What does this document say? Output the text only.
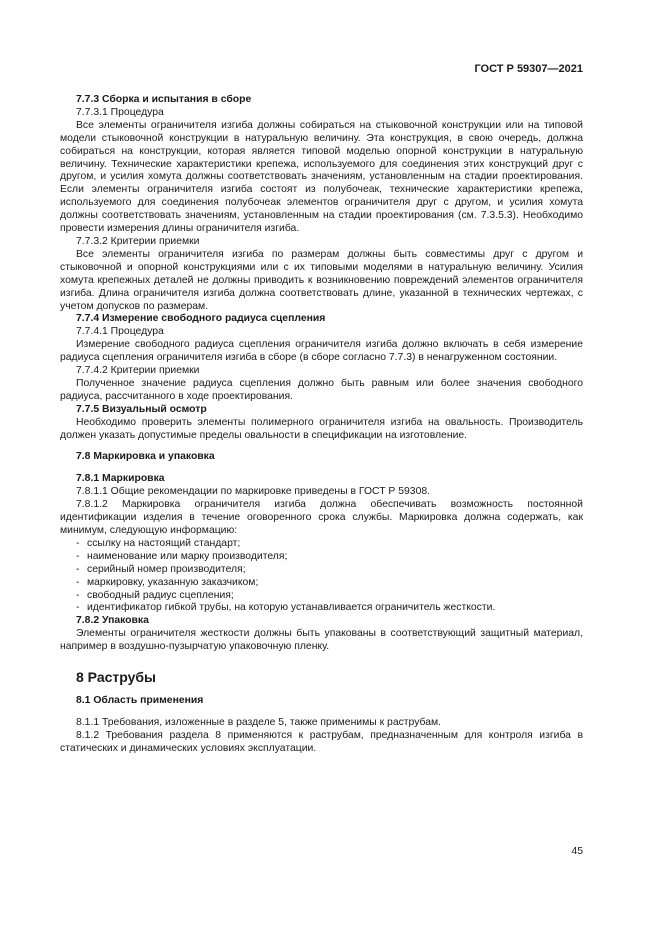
ГОСТ Р 59307—2021

7.7.3 Сборка и испытания в сборе

7.7.3.1 Процедура

Все элементы ограничителя изгиба должны собираться на стыковочной конструкции или на типовой модели стыковочной конструкции в натуральную величину. Эта конструкция, в свою очередь, должна собираться на конструкции, которая является типовой моделью опорной конструкции в натуральную величину. Технические характеристики крепежа, используемого для соединения этих конструкций друг с другом, и усилия хомута должны соответствовать значениям, установленным на стадии проектирования. Если элементы ограничителя изгиба состоят из полубочеак, технические характеристики крепежа, используемого для соединения полубочеак элементов ограничителя друг с другом, и усилия хомута должны соответствовать значениям, установленным на стадии проектирования (см. 7.3.5.3). Необходимо провести измерения длины ограничителя изгиба.

7.7.3.2 Критерии приемки

Все элементы ограничителя изгиба по размерам должны быть совместимы друг с другом и стыковочной и опорной конструкциями или с их типовыми моделями в натуральную величину. Усилия хомута крепежных деталей не должны приводить к возникновению повреждений элементов ограничителя изгиба. Длина ограничителя изгиба должна соответствовать длине, указанной в технических чертежах, с учетом допусков по размерам.

7.7.4 Измерение свободного радиуса сцепления

7.7.4.1 Процедура

Измерение свободного радиуса сцепления ограничителя изгиба должно включать в себя измерение радиуса сцепления ограничителя изгиба в сборе (в сборе согласно 7.7.3) в ненагруженном состоянии.

7.7.4.2 Критерии приемки

Полученное значение радиуса сцепления должно быть равным или более значения свободного радиуса, рассчитанного в ходе проектирования.

7.7.5 Визуальный осмотр

Необходимо проверить элементы полимерного ограничителя изгиба на овальность. Производитель должен указать допустимые пределы овальности в спецификации на изготовление.

7.8 Маркировка и упаковка

7.8.1 Маркировка

7.8.1.1 Общие рекомендации по маркировке приведены в ГОСТ Р 59308.

7.8.1.2 Маркировка ограничителя изгиба должна обеспечивать возможность постоянной идентификации изделия в течение оговоренного срока службы. Маркировка должна содержать, как минимум, следующую информацию:

- ссылку на настоящий стандарт;
- наименование или марку производителя;
- серийный номер производителя;
- маркировку, указанную заказчиком;
- свободный радиус сцепления;
- идентификатор гибкой трубы, на которую устанавливается ограничитель жесткости.

7.8.2 Упаковка

Элементы ограничителя жесткости должны быть упакованы в соответствующий защитный материал, например в воздушно-пузырчатую упаковочную пленку.

8 Раструбы

8.1 Область применения

8.1.1 Требования, изложенные в разделе 5, также применимы к раструбам.

8.1.2 Требования раздела 8 применяются к раструбам, предназначенным для контроля изгиба в статических и динамических условиях эксплуатации.

45
